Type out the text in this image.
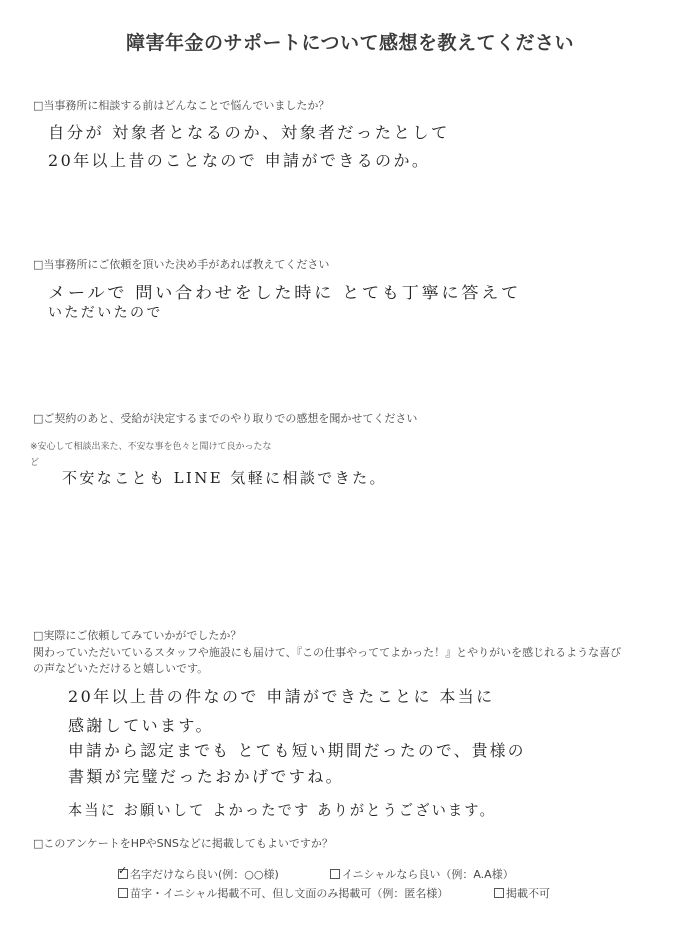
障害年金のサポートについて感想を教えてください
□当事務所に相談する前はどんなことで悩んでいましたか？
自分が 対象者となるのか、対象者だったとして
20年以上昔のことなので 申請ができるのか。
□当事務所にご依頼を頂いた決め手があれば教えてください
メールで 問い合わせをした時に とても丁寧に答えて
いただいたので
□ご契約のあと、受給が決定するまでのやり取りでの感想を聞かせてください
※安心して相談出来た、不安な事を色々と聞けて良かったな
ど
不安なことも LINE 気軽に相談できた。
□実際にご依頼してみていかがでしたか？
関わっていただいているスタッフや施設にも届けて、『この仕事やっててよかった！』とやりがいを感じれるような喜び
の声などいただけると嬉しいです。
20年以上昔の件なので 申請ができたことに 本当に
感謝しています。
申請から認定までも とても短い期間だったので、貴様の
書類が完璧だったおかげですね。
本当に お願いして よかったです ありがとうございます。
□このアンケートをHPやSNSなどに掲載してもよいですか？
✓名字だけなら良い(例：○○様)	イニシャルなら良い（例：A.A様）
苗字・イニシャル掲載不可、但し文面のみ掲載可（例：匿名様）	掲載不可
